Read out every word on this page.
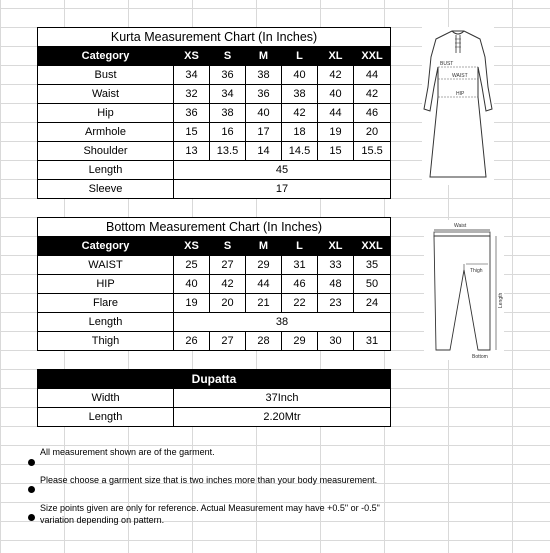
Kurta Measurement Chart (In Inches)						
Category	XS	S	M	L	XL	XXL
Bust	34	36	38	40	42	44
Waist	32	34	36	38	40	42
Hip	36	38	40	42	44	46
Armhole	15	16	17	18	19	20
Shoulder	13	13.5	14	14.5	15	15.5
Length	45					
Sleeve	17					
Bottom Measurement Chart (In Inches)						
Category	XS	S	M	L	XL	XXL
WAIST	25	27	29	31	33	35
HIP	40	42	44	46	48	50
Flare	19	20	21	22	23	24
Length	38					
Thigh	26	27	28	29	30	31
Dupatta	
Width	37Inch
Length	2.20Mtr
All measurement shown are of the garment.
Please choose a garment size that is two inches more than your body measurement.
Size points given are only for reference. Actual Measurement may have +0.5" or -0.5" variation depending on pattern.
BUST
WAIST
HIP
Waist
Thigh
Length
Bottom
